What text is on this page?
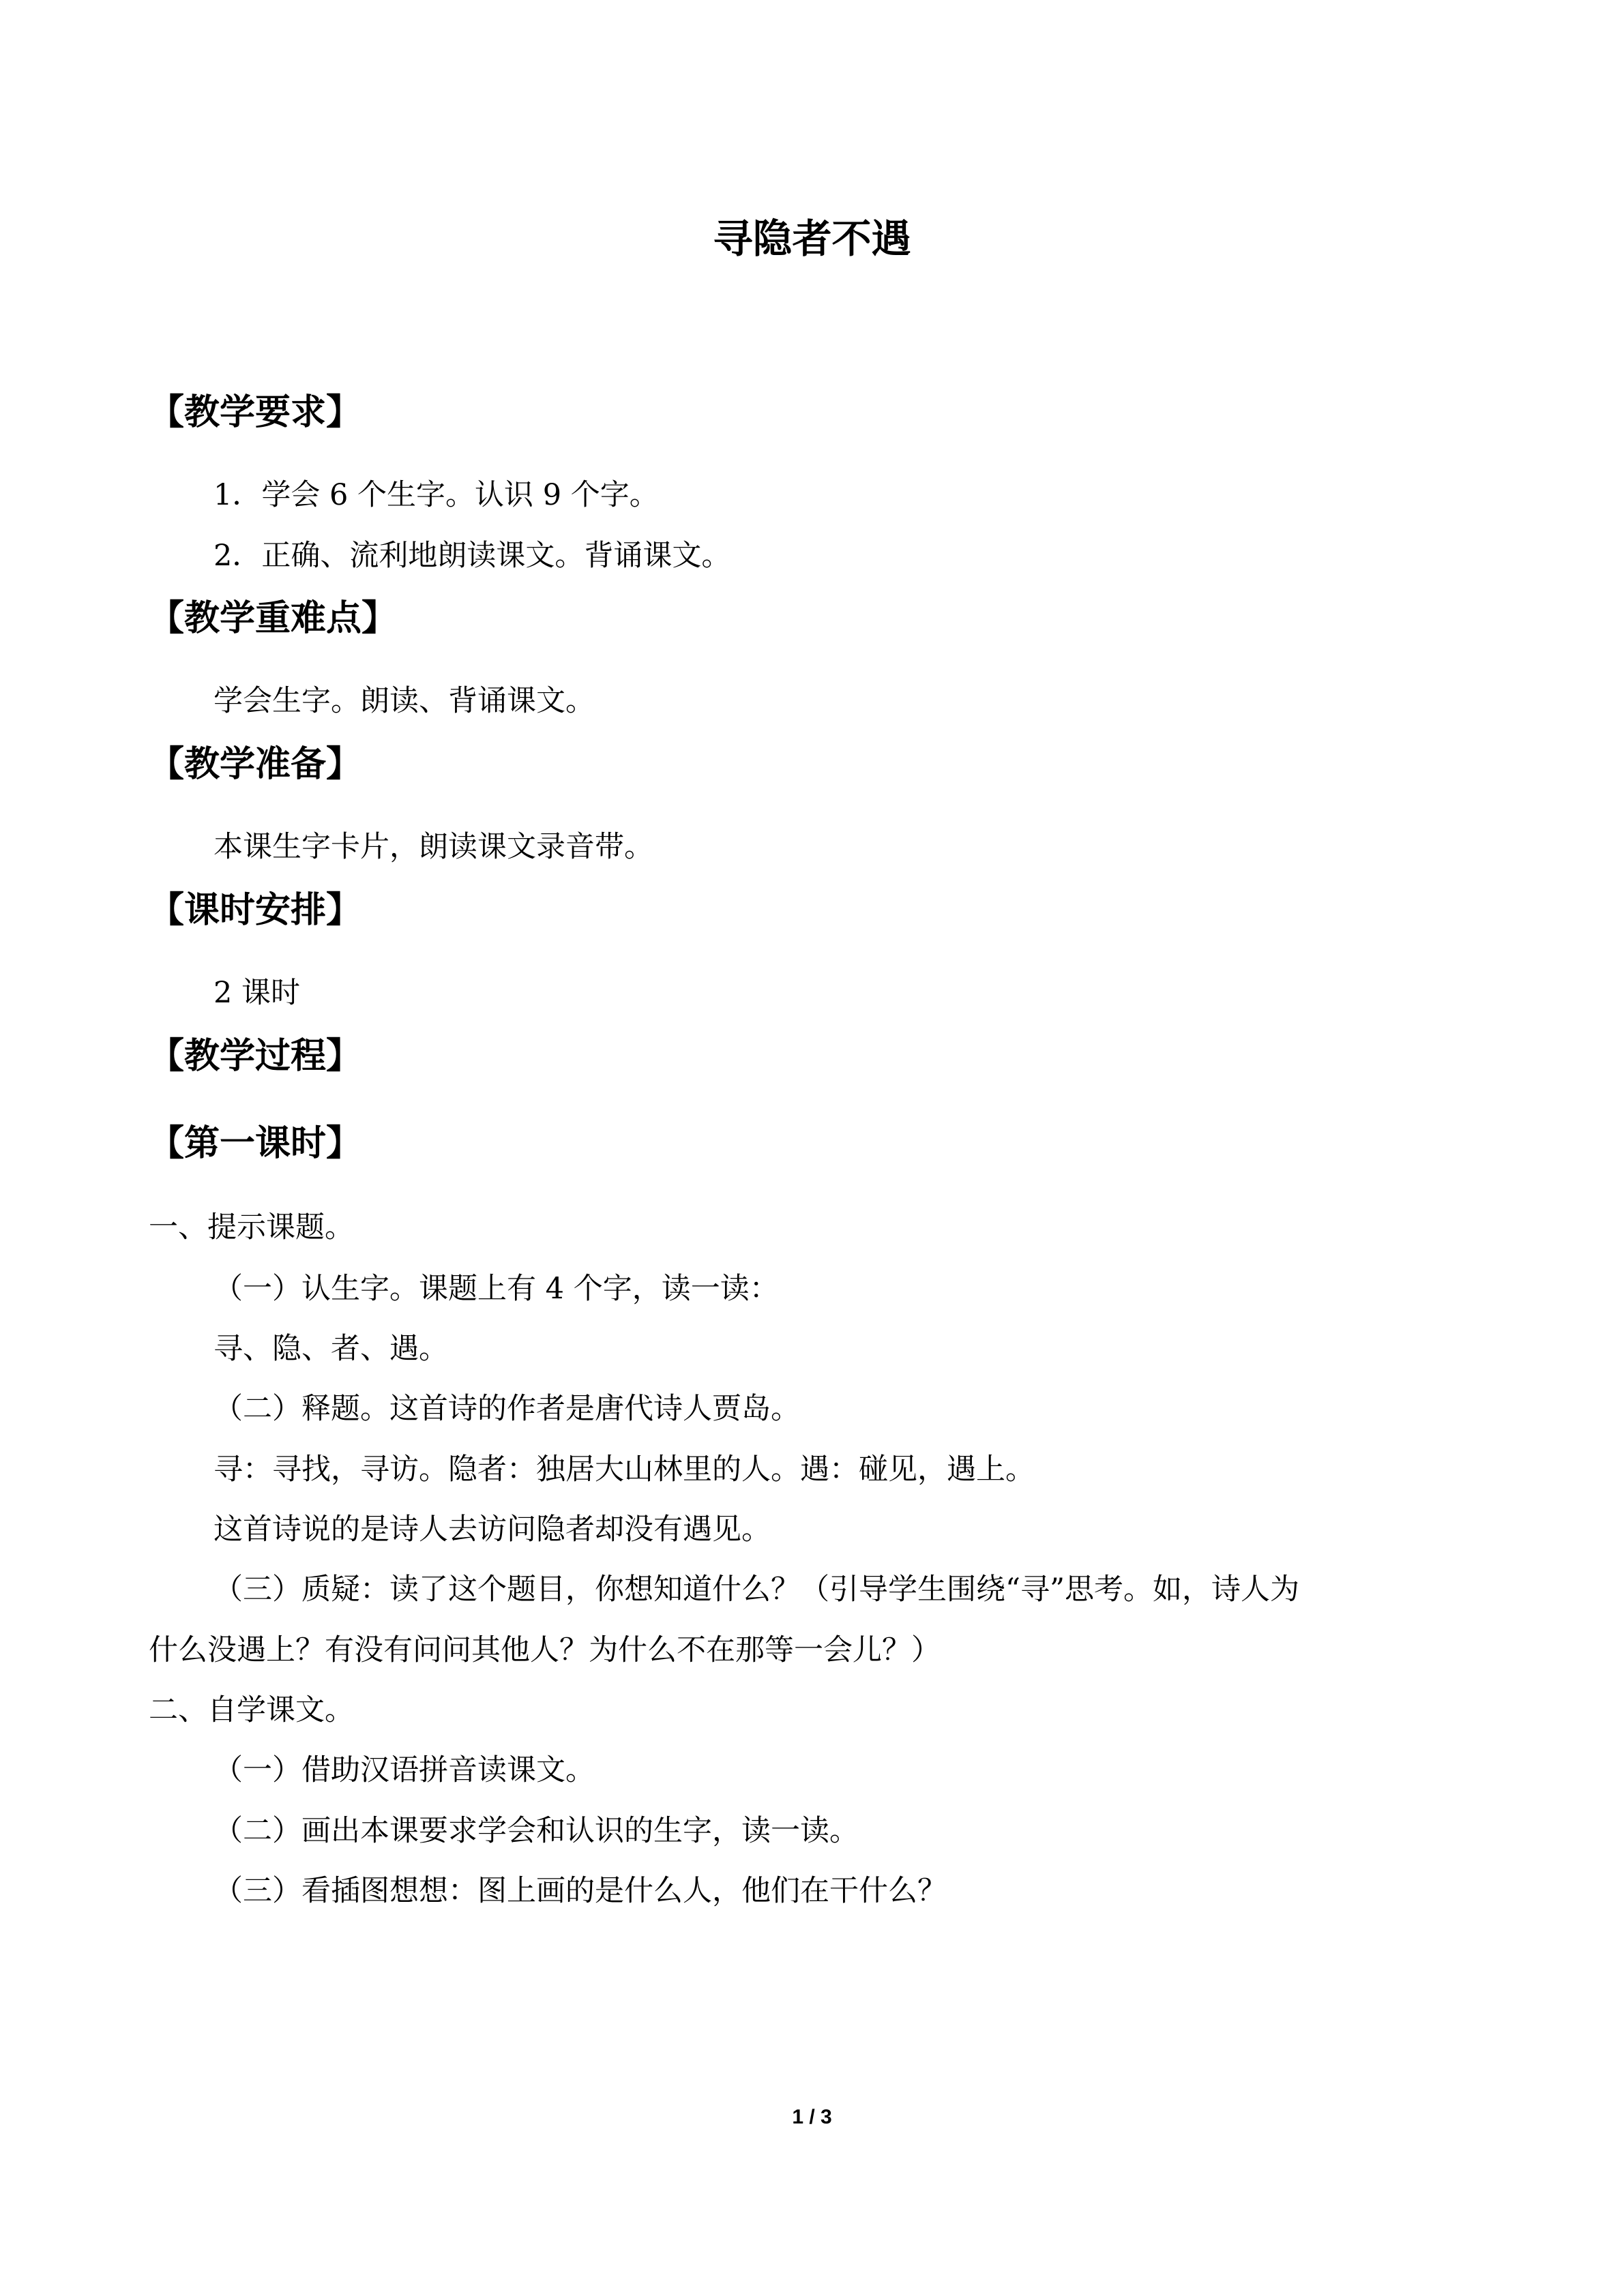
寻隐者不遇
【教学要求】
1．学会 6 个生字。认识 9 个字。
2．正确、流利地朗读课文。背诵课文。
【教学重难点】
学会生字。朗读、背诵课文。
【教学准备】
本课生字卡片，朗读课文录音带。
【课时安排】
2 课时
【教学过程】
【第一课时】
一、提示课题。
（一）认生字。课题上有 4 个字，读一读：
寻、隐、者、遇。
（二）释题。这首诗的作者是唐代诗人贾岛。
寻：寻找，寻访。隐者：独居大山林里的人。遇：碰见，遇上。
这首诗说的是诗人去访问隐者却没有遇见。
（三）质疑：读了这个题目，你想知道什么？（引导学生围绕“寻”思考。如，诗人为
什么没遇上？有没有问问其他人？为什么不在那等一会儿？）
二、自学课文。
（一）借助汉语拼音读课文。
（二）画出本课要求学会和认识的生字，读一读。
（三）看插图想想：图上画的是什么人，他们在干什么？
1 / 3
